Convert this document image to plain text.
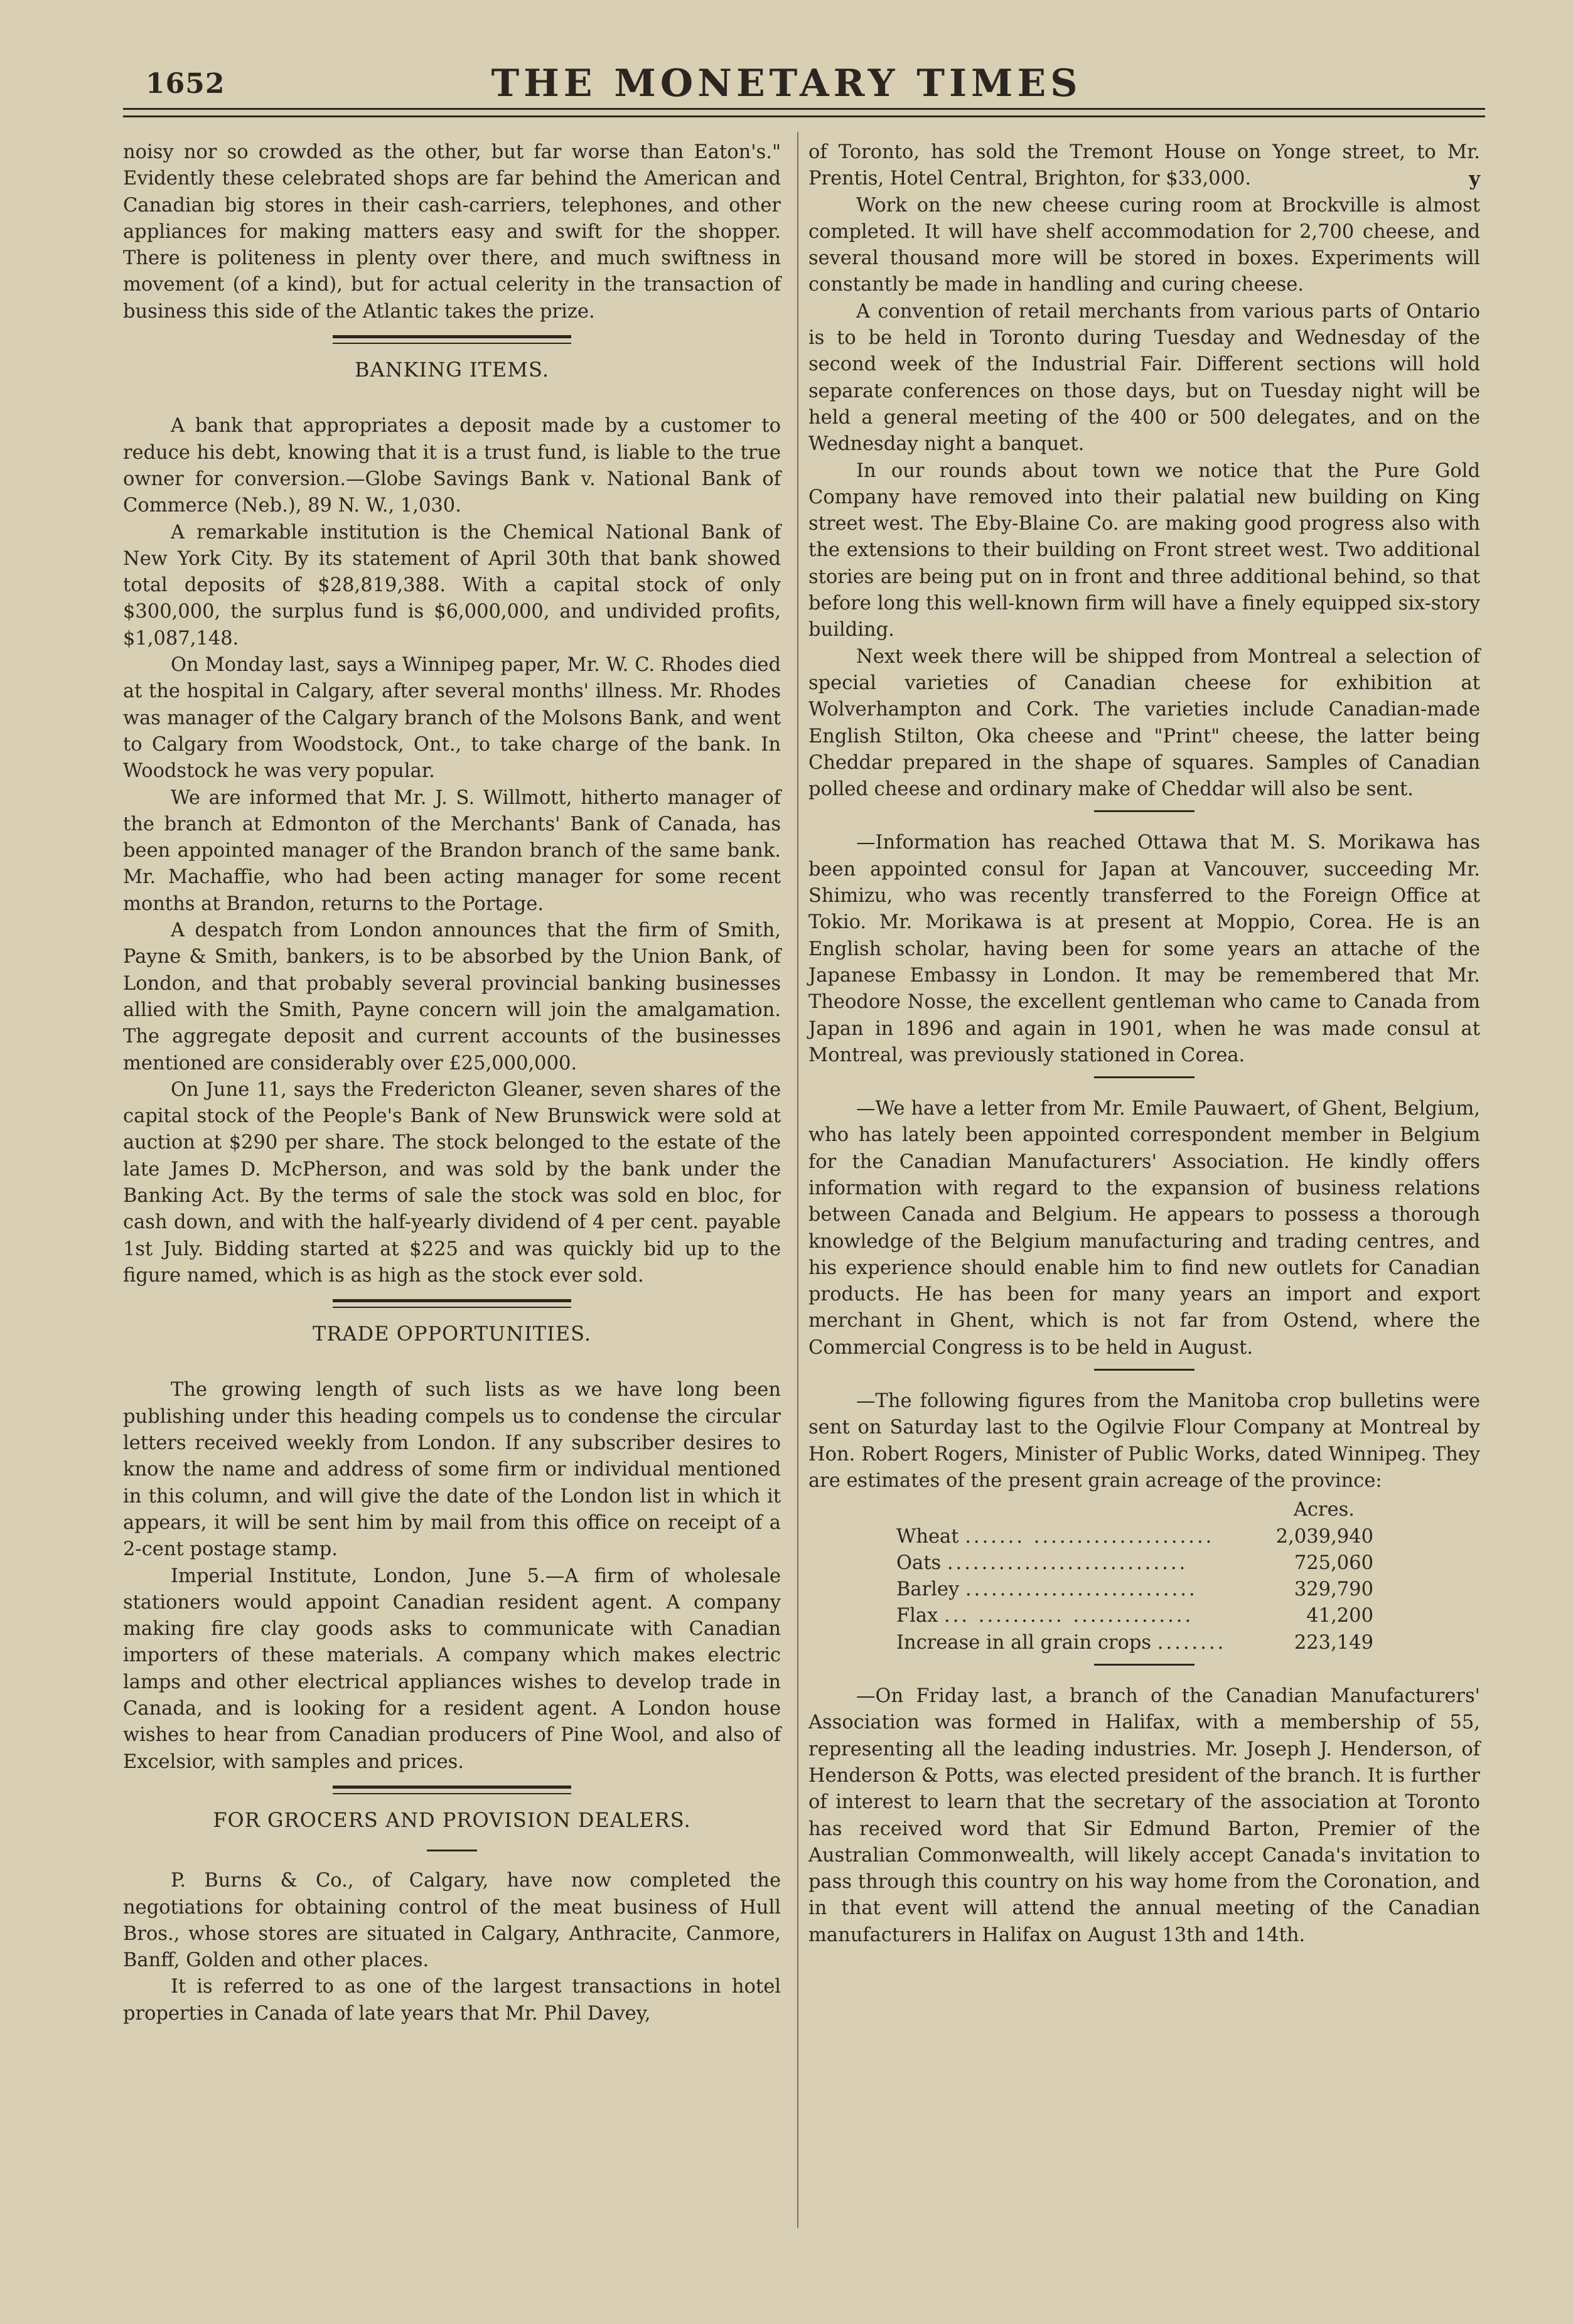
1652	THE MONETARY TIMES

noisy nor so crowded as the other, but far worse than Eaton's." Evidently these celebrated shops are far behind the American and Canadian big stores in their cash-carriers, telephones, and other appliances for making matters easy and swift for the shopper. There is politeness in plenty over there, and much swiftness in movement (of a kind), but for actual celerity in the transaction of business this side of the Atlantic takes the prize.

BANKING ITEMS.

A bank that appropriates a deposit made by a customer to reduce his debt, knowing that it is a trust fund, is liable to the true owner for conversion.—Globe Savings Bank v. National Bank of Commerce (Neb.), 89 N. W., 1,030.

A remarkable institution is the Chemical National Bank of New York City. By its statement of April 30th that bank showed total deposits of $28,819,388. With a capital stock of only $300,000, the surplus fund is $6,000,000, and undivided profits, $1,087,148.

On Monday last, says a Winnipeg paper, Mr. W. C. Rhodes died at the hospital in Calgary, after several months' illness. Mr. Rhodes was manager of the Calgary branch of the Molsons Bank, and went to Calgary from Woodstock, Ont., to take charge of the bank. In Woodstock he was very popular.

We are informed that Mr. J. S. Willmott, hitherto manager of the branch at Edmonton of the Merchants' Bank of Canada, has been appointed manager of the Brandon branch of the same bank. Mr. Machaffie, who had been acting manager for some recent months at Brandon, returns to the Portage.

A despatch from London announces that the firm of Smith, Payne & Smith, bankers, is to be absorbed by the Union Bank, of London, and that probably several provincial banking businesses allied with the Smith, Payne concern will join the amalgamation. The aggregate deposit and current accounts of the businesses mentioned are considerably over £25,000,000.

On June 11, says the Fredericton Gleaner, seven shares of the capital stock of the People's Bank of New Brunswick were sold at auction at $290 per share. The stock belonged to the estate of the late James D. McPherson, and was sold by the bank under the Banking Act. By the terms of sale the stock was sold en bloc, for cash down, and with the half-yearly dividend of 4 per cent. payable 1st July. Bidding started at $225 and was quickly bid up to the figure named, which is as high as the stock ever sold.

TRADE OPPORTUNITIES.

The growing length of such lists as we have long been publishing under this heading compels us to condense the circular letters received weekly from London. If any subscriber desires to know the name and address of some firm or individual mentioned in this column, and will give the date of the London list in which it appears, it will be sent him by mail from this office on receipt of a 2-cent postage stamp.

Imperial Institute, London, June 5.—A firm of wholesale stationers would appoint Canadian resident agent. A company making fire clay goods asks to communicate with Canadian importers of these materials. A company which makes electric lamps and other electrical appliances wishes to develop trade in Canada, and is looking for a resident agent. A London house wishes to hear from Canadian producers of Pine Wool, and also of Excelsior, with samples and prices.

FOR GROCERS AND PROVISION DEALERS.

P. Burns & Co., of Calgary, have now completed the negotiations for obtaining control of the meat business of Hull Bros., whose stores are situated in Calgary, Anthracite, Canmore, Banff, Golden and other places.

It is referred to as one of the largest transactions in hotel properties in Canada of late years that Mr. Phil Davey,

of Toronto, has sold the Tremont House on Yonge street, to Mr. Prentis, Hotel Central, Brighton, for $33,000.	y

Work on the new cheese curing room at Brockville is almost completed. It will have shelf accommodation for 2,700 cheese, and several thousand more will be stored in boxes. Experiments will constantly be made in handling and curing cheese.

A convention of retail merchants from various parts of Ontario is to be held in Toronto during Tuesday and Wednesday of the second week of the Industrial Fair. Different sections will hold separate conferences on those days, but on Tuesday night will be held a general meeting of the 400 or 500 delegates, and on the Wednesday night a banquet.

In our rounds about town we notice that the Pure Gold Company have removed into their palatial new building on King street west. The Eby-Blaine Co. are making good progress also with the extensions to their building on Front street west. Two additional stories are being put on in front and three additional behind, so that before long this well-known firm will have a finely equipped six-story building.

Next week there will be shipped from Montreal a selection of special varieties of Canadian cheese for exhibition at Wolverhampton and Cork. The varieties include Canadian-made English Stilton, Oka cheese and "Print" cheese, the latter being Cheddar prepared in the shape of squares. Samples of Canadian polled cheese and ordinary make of Cheddar will also be sent.

—Information has reached Ottawa that M. S. Morikawa has been appointed consul for Japan at Vancouver, succeeding Mr. Shimizu, who was recently transferred to the Foreign Office at Tokio. Mr. Morikawa is at present at Moppio, Corea. He is an English scholar, having been for some years an attache of the Japanese Embassy in London. It may be remembered that Mr. Theodore Nosse, the excellent gentleman who came to Canada from Japan in 1896 and again in 1901, when he was made consul at Montreal, was previously stationed in Corea.

—We have a letter from Mr. Emile Pauwaert, of Ghent, Belgium, who has lately been appointed correspondent member in Belgium for the Canadian Manufacturers' Association. He kindly offers information with regard to the expansion of business relations between Canada and Belgium. He appears to possess a thorough knowledge of the Belgium manufacturing and trading centres, and his experience should enable him to find new outlets for Canadian products. He has been for many years an import and export merchant in Ghent, which is not far from Ostend, where the Commercial Congress is to be held in August.

—The following figures from the Manitoba crop bulletins were sent on Saturday last to the Ogilvie Flour Company at Montreal by Hon. Robert Rogers, Minister of Public Works, dated Winnipeg. They are estimates of the present grain acreage of the province:

	Acres.
Wheat ....... .....................	2,039,940
Oats ............................	725,060
Barley ...........................	329,790
Flax ... .......... ..............	41,200
Increase in all grain crops ........	223,149

—On Friday last, a branch of the Canadian Manufacturers' Association was formed in Halifax, with a membership of 55, representing all the leading industries. Mr. Joseph J. Henderson, of Henderson & Potts, was elected president of the branch. It is further of interest to learn that the secretary of the association at Toronto has received word that Sir Edmund Barton, Premier of the Australian Commonwealth, will likely accept Canada's invitation to pass through this country on his way home from the Coronation, and in that event will attend the annual meeting of the Canadian manufacturers in Halifax on August 13th and 14th.
